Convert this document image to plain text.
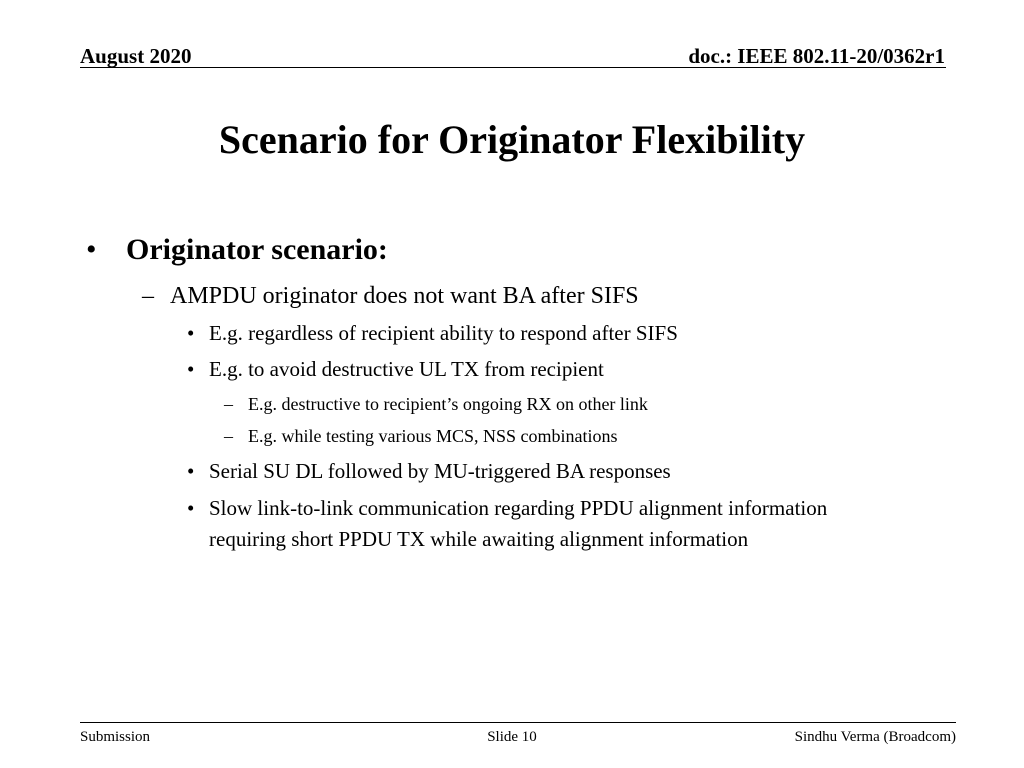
August 2020	doc.: IEEE 802.11-20/0362r1
Scenario for Originator Flexibility
• Originator scenario:
– AMPDU originator does not want BA after SIFS
• E.g. regardless of recipient ability to respond after SIFS
• E.g. to avoid destructive UL TX from recipient
– E.g. destructive to recipient’s ongoing RX on other link
– E.g. while testing various MCS, NSS combinations
• Serial SU DL followed by MU-triggered BA responses
• Slow link-to-link communication regarding PPDU alignment information requiring short PPDU TX while awaiting alignment information
Submission	Slide 10	Sindhu Verma (Broadcom)
